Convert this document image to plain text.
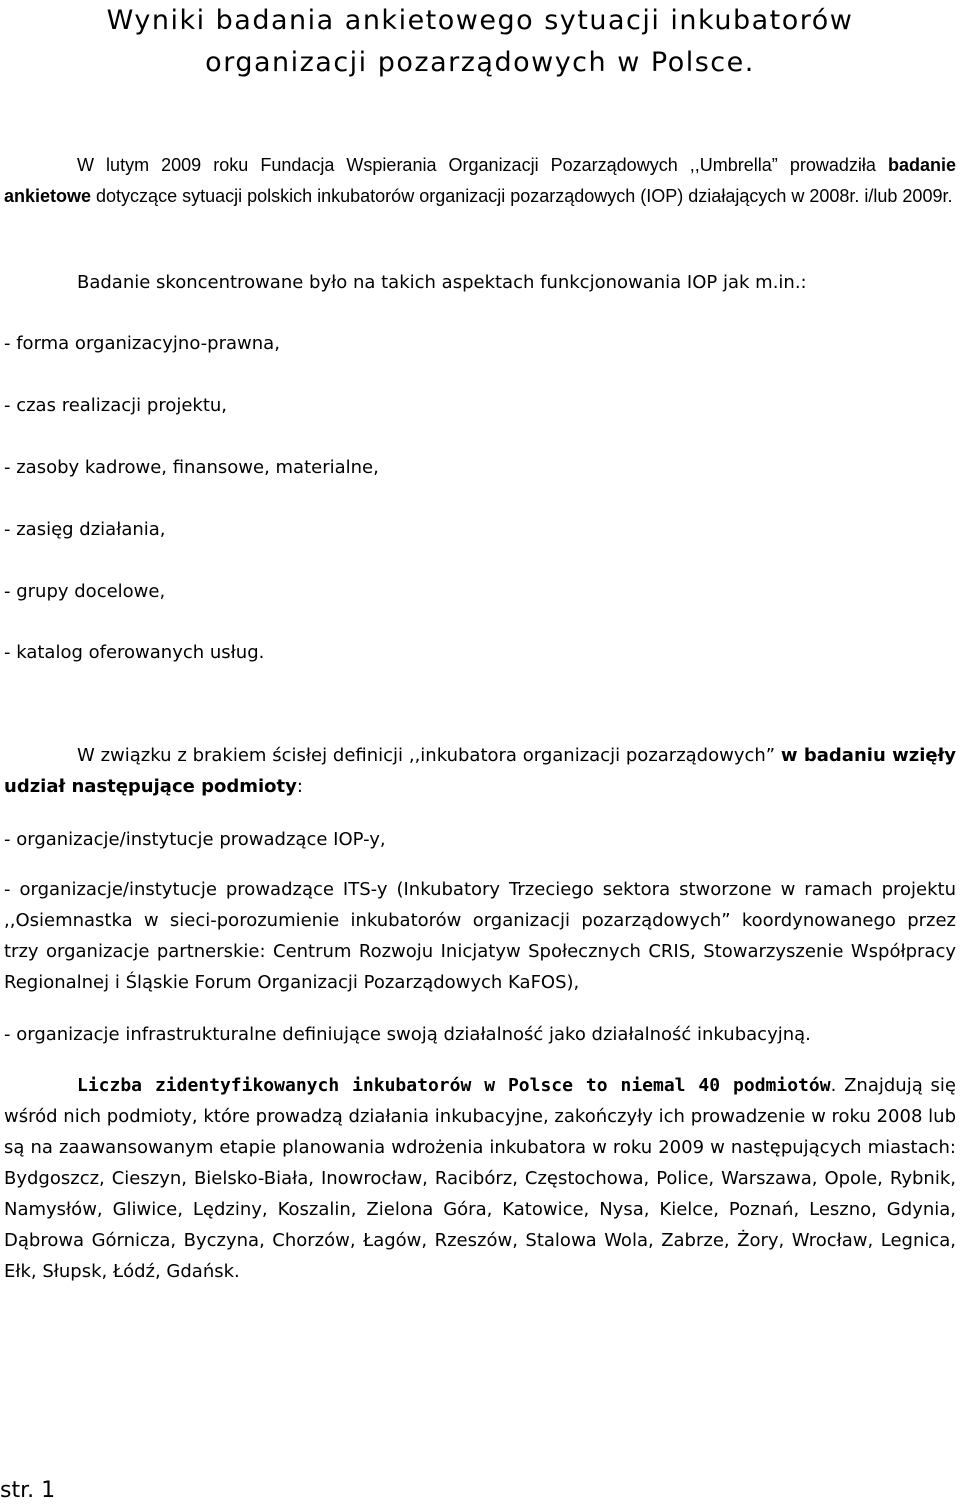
Wyniki badania ankietowego sytuacji inkubatorów
organizacji pozarządowych w Polsce.

W lutym 2009 roku Fundacja Wspierania Organizacji Pozarządowych ,,Umbrella” prowadziła badanie ankietowe dotyczące sytuacji polskich inkubatorów organizacji pozarządowych (IOP) działających w 2008r. i/lub 2009r.

Badanie skoncentrowane było na takich aspektach funkcjonowania IOP jak m.in.:

- forma organizacyjno-prawna,

- czas realizacji projektu,

- zasoby kadrowe, finansowe, materialne,

- zasięg działania,

- grupy docelowe,

- katalog oferowanych usług.

W związku z brakiem ścisłej definicji ,,inkubatora organizacji pozarządowych” w badaniu wzięły udział następujące podmioty:

- organizacje/instytucje prowadzące IOP-y,

- organizacje/instytucje prowadzące ITS-y (Inkubatory Trzeciego sektora stworzone w ramach projektu ,,Osiemnastka w sieci-porozumienie inkubatorów organizacji pozarządowych” koordynowanego przez trzy organizacje partnerskie: Centrum Rozwoju Inicjatyw Społecznych CRIS, Stowarzyszenie Współpracy Regionalnej i Śląskie Forum Organizacji Pozarządowych KaFOS),

- organizacje infrastrukturalne definiujące swoją działalność jako działalność inkubacyjną.

Liczba zidentyfikowanych inkubatorów w Polsce to niemal 40 podmiotów. Znajdują się wśród nich podmioty, które prowadzą działania inkubacyjne, zakończyły ich prowadzenie w roku 2008 lub są na zaawansowanym etapie planowania wdrożenia inkubatora w roku 2009 w następujących miastach: Bydgoszcz, Cieszyn, Bielsko-Biała, Inowrocław, Racibórz, Częstochowa, Police, Warszawa, Opole, Rybnik, Namysłów, Gliwice, Lędziny, Koszalin, Zielona Góra, Katowice, Nysa, Kielce, Poznań, Leszno, Gdynia, Dąbrowa Górnicza, Byczyna, Chorzów, Łagów, Rzeszów, Stalowa Wola, Zabrze, Żory, Wrocław, Legnica, Ełk, Słupsk, Łódź, Gdańsk.

str. 1
